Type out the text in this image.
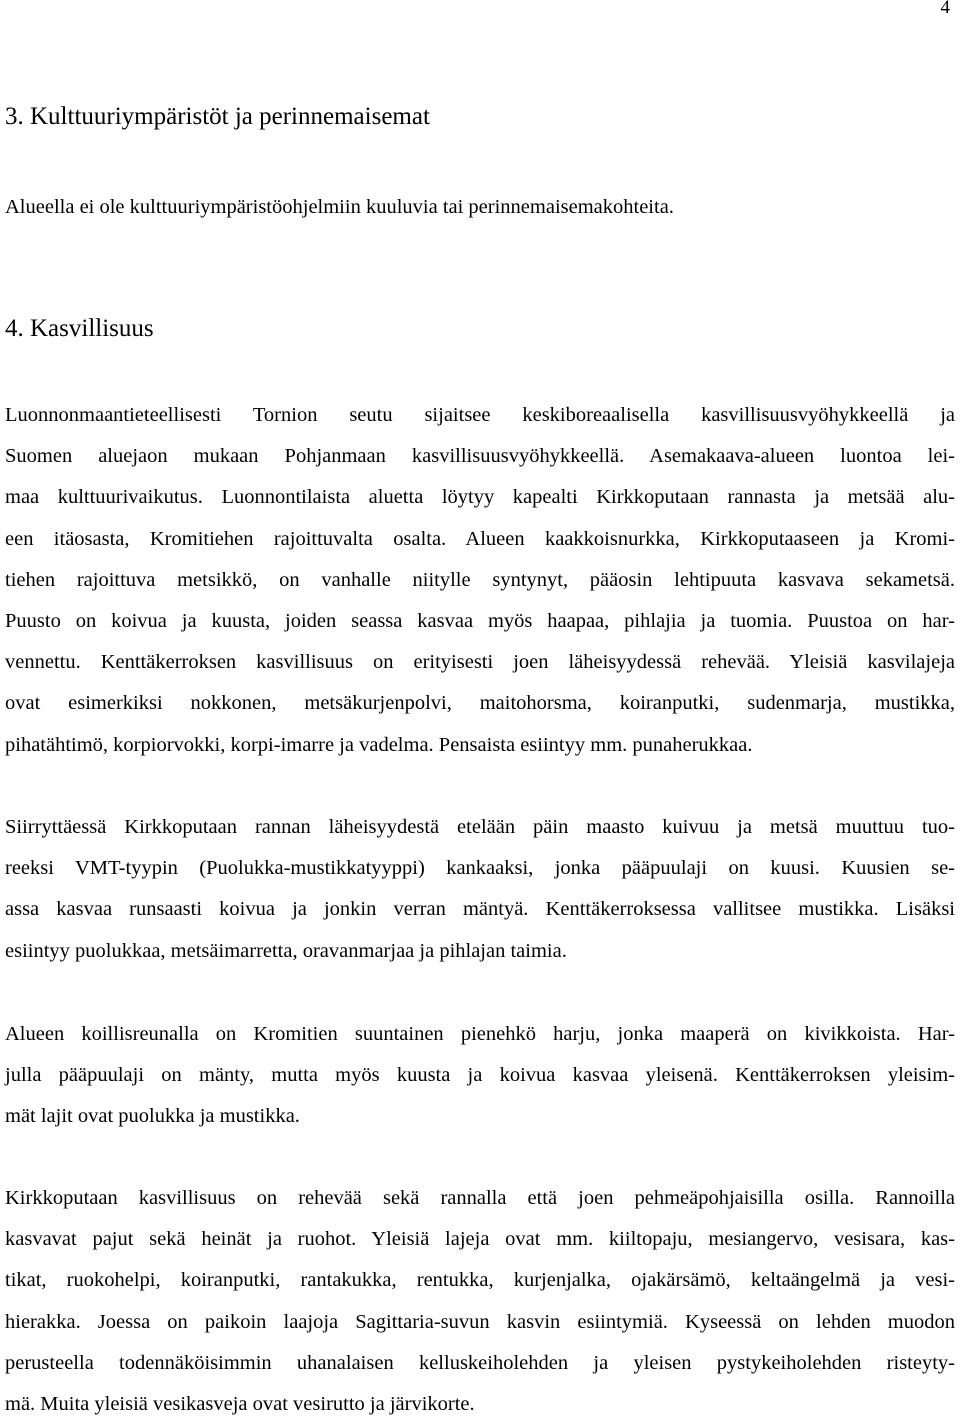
4
3. Kulttuuriympäristöt ja perinnemaisemat

Alueella ei ole kulttuuriympäristöohjelmiin kuuluvia tai perinnemaisemakohteita.

4. Kasvillisuus

Luonnonmaantieteellisesti Tornion seutu sijaitsee keskiboreaalisella kasvillisuusvyöhykkeellä ja
Suomen aluejaon mukaan Pohjanmaan kasvillisuusvyöhykkeellä. Asemakaava-alueen luontoa lei-
maa kulttuurivaikutus. Luonnontilaista aluetta löytyy kapealti Kirkkoputaan rannasta ja metsää alu-
een itäosasta, Kromitiehen rajoittuvalta osalta. Alueen kaakkoisnurkka, Kirkkoputaaseen ja Kromi-
tiehen rajoittuva metsikkö, on vanhalle niitylle syntynyt, pääosin lehtipuuta kasvava sekametsä.
Puusto on koivua ja kuusta, joiden seassa kasvaa myös haapaa, pihlajia ja tuomia. Puustoa on har-
vennettu. Kenttäkerroksen kasvillisuus on erityisesti joen läheisyydessä rehevää. Yleisiä kasvilajeja
ovat esimerkiksi nokkonen, metsäkurjenpolvi, maitohorsma, koiranputki, sudenmarja, mustikka,
pihatähtimö, korpiorvokki, korpi-imarre ja vadelma. Pensaista esiintyy mm. punaherukkaa.

Siirryttäessä Kirkkoputaan rannan läheisyydestä etelään päin maasto kuivuu ja metsä muuttuu tuo-
reeksi VMT-tyypin (Puolukka-mustikkatyyppi) kankaaksi, jonka pääpuulaji on kuusi. Kuusien se-
assa kasvaa runsaasti koivua ja jonkin verran mäntyä. Kenttäkerroksessa vallitsee mustikka. Lisäksi
esiintyy puolukkaa, metsäimarretta, oravanmarjaa ja pihlajan taimia.

Alueen koillisreunalla on Kromitien suuntainen pienehkö harju, jonka maaperä on kivikkoista. Har-
julla pääpuulaji on mänty, mutta myös kuusta ja koivua kasvaa yleisenä. Kenttäkerroksen yleisim-
mät lajit ovat puolukka ja mustikka.

Kirkkoputaan kasvillisuus on rehevää sekä rannalla että joen pehmeäpohjaisilla osilla. Rannoilla
kasvavat pajut sekä heinät ja ruohot. Yleisiä lajeja ovat mm. kiiltopaju, mesiangervo, vesisara, kas-
tikat, ruokohelpi, koiranputki, rantakukka, rentukka, kurjenjalka, ojakärsämö, keltaängelmä ja vesi-
hierakka. Joessa on paikoin laajoja Sagittaria-suvun kasvin esiintymiä. Kyseessä on lehden muodon
perusteella todennäköisimmin uhanalaisen kelluskeiholehden ja yleisen pystykeiholehden risteyty-
mä. Muita yleisiä vesikasveja ovat vesirutto ja järvikorte.
